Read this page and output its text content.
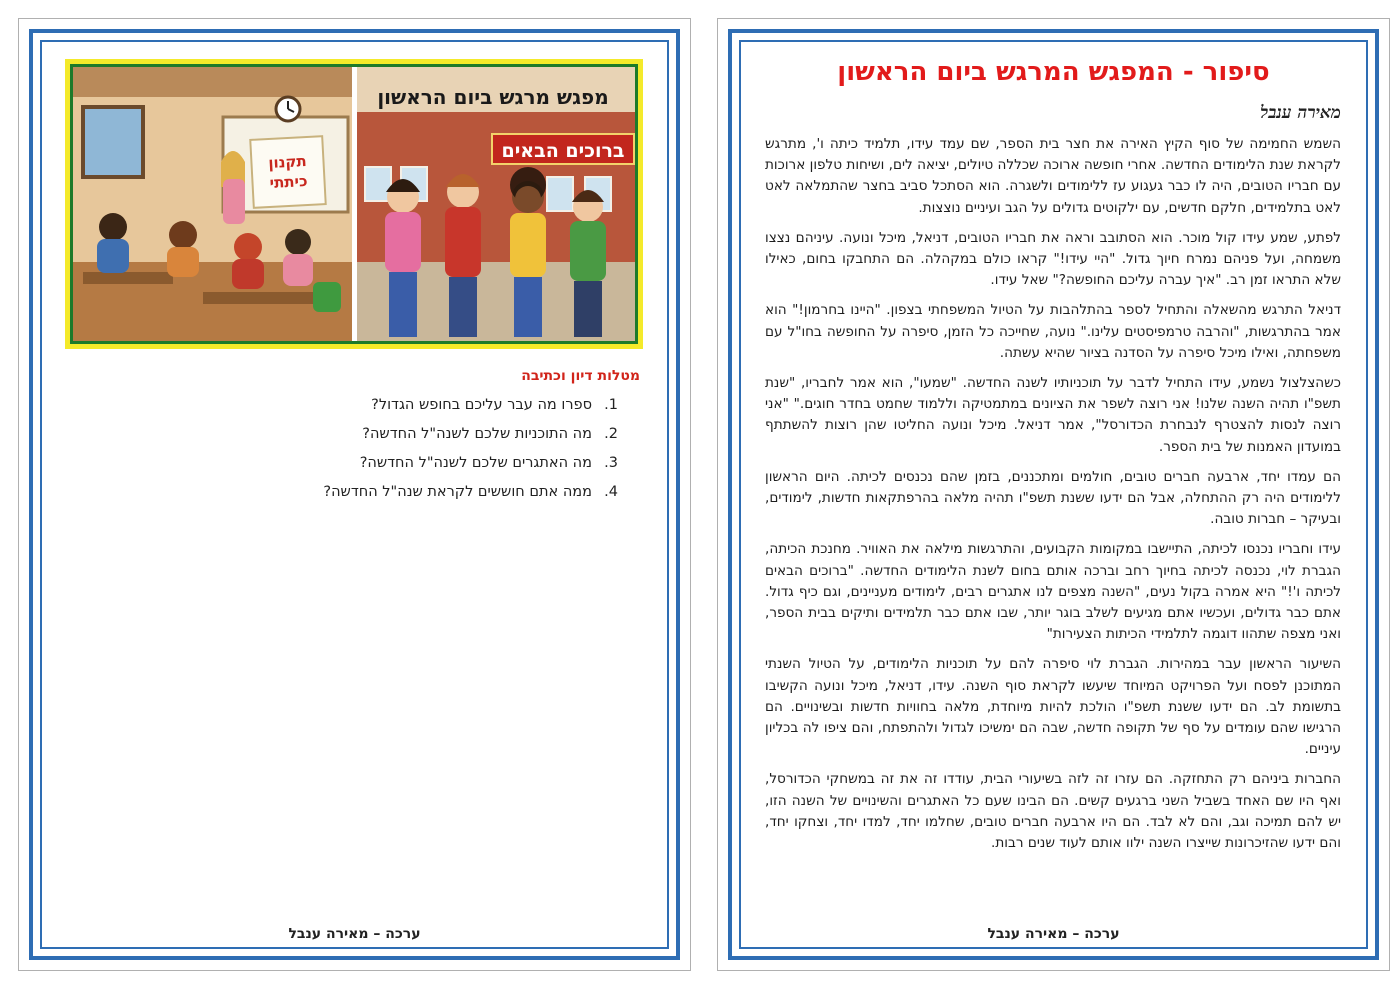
תקנון
כיתתי
מפגש מרגש ביום הראשון
ברוכים הבאים
מטלות דיון וכתיבה
1.
ספרו מה עבר עליכם בחופש הגדול?
2.
מה התוכניות שלכם לשנה"ל החדשה?
3.
מה האתגרים שלכם לשנה"ל החדשה?
4.
ממה אתם חוששים לקראת שנה"ל החדשה?
ערכה – מאירה ענבל
סיפור - המפגש המרגש ביום הראשון
מאירה ענבל

השמש החמימה של סוף הקיץ האירה את חצר בית הספר, שם עמד עידו, תלמיד כיתה ו', מתרגש לקראת שנת הלימודים החדשה. אחרי חופשה ארוכה שכללה טיולים, יציאה לים, ושיחות טלפון ארוכות עם חבריו הטובים, היה לו כבר געגוע עז ללימודים ולשגרה. הוא הסתכל סביב בחצר שהתמלאה לאט לאט בתלמידים, חלקם חדשים, עם ילקוטים גדולים על הגב ועיניים נוצצות.

לפתע, שמע עידו קול מוכר. הוא הסתובב וראה את חבריו הטובים, דניאל, מיכל ונועה. עיניהם נצצו משמחה, ועל פניהם נמרח חיוך גדול. "היי עידו!" קראו כולם במקהלה. הם התחבקו בחום, כאילו שלא התראו זמן רב. "איך עברה עליכם החופשה?" שאל עידו.

דניאל התרגש מהשאלה והתחיל לספר בהתלהבות על הטיול המשפחתי בצפון. "היינו בחרמון!" הוא אמר בהתרגשות, "והרבה טרמפיסטים עלינו." נועה, שחייכה כל הזמן, סיפרה על החופשה בחו"ל עם משפחתה, ואילו מיכל סיפרה על הסדנה בציור שהיא עשתה.

כשהצלצול נשמע, עידו התחיל לדבר על תוכניותיו לשנה החדשה. "שמעו", הוא אמר לחבריו, "שנת תשפ"ו תהיה השנה שלנו! אני רוצה לשפר את הציונים במתמטיקה וללמוד שחמט בחדר חוגים." "אני רוצה לנסות להצטרף לנבחרת הכדורסל", אמר דניאל. מיכל ונועה החליטו שהן רוצות להשתתף במועדון האמנות של בית הספר.

הם עמדו יחד, ארבעה חברים טובים, חולמים ומתכננים, בזמן שהם נכנסים לכיתה. היום הראשון ללימודים היה רק ההתחלה, אבל הם ידעו ששנת תשפ"ו תהיה מלאה בהרפתקאות חדשות, לימודים, ובעיקר – חברות טובה.

עידו וחבריו נכנסו לכיתה, התיישבו במקומות הקבועים, והתרגשות מילאה את האוויר. מחנכת הכיתה, הגברת לוי, נכנסה לכיתה בחיוך רחב וברכה אותם בחום לשנת הלימודים החדשה. "ברוכים הבאים לכיתה ו'!" היא אמרה בקול נעים, "השנה מצפים לנו אתגרים רבים, לימודים מעניינים, וגם כיף גדול. אתם כבר גדולים, ועכשיו אתם מגיעים לשלב בוגר יותר, שבו אתם כבר תלמידים ותיקים בבית הספר, ואני מצפה שתהוו דוגמה לתלמידי הכיתות הצעירות"

השיעור הראשון עבר במהירות. הגברת לוי סיפרה להם על תוכניות הלימודים, על הטיול השנתי המתוכנן לפסח ועל הפרויקט המיוחד שיעשו לקראת סוף השנה. עידו, דניאל, מיכל ונועה הקשיבו בתשומת לב. הם ידעו ששנת תשפ"ו הולכת להיות מיוחדת, מלאה בחוויות חדשות ובשינויים. הם הרגישו שהם עומדים על סף של תקופה חדשה, שבה הם ימשיכו לגדול ולהתפתח, והם ציפו לה בכליון עיניים.

החברות ביניהם רק התחזקה. הם עזרו זה לזה בשיעורי הבית, עודדו זה את זה במשחקי הכדורסל, ואף היו שם האחד בשביל השני ברגעים קשים. הם הבינו שעם כל האתגרים והשינויים של השנה הזו, יש להם תמיכה וגב, והם לא לבד. הם היו ארבעה חברים טובים, שחלמו יחד, למדו יחד, וצחקו יחד, והם ידעו שהזיכרונות שייצרו השנה ילוו אותם לעוד שנים רבות.

ערכה – מאירה ענבל
